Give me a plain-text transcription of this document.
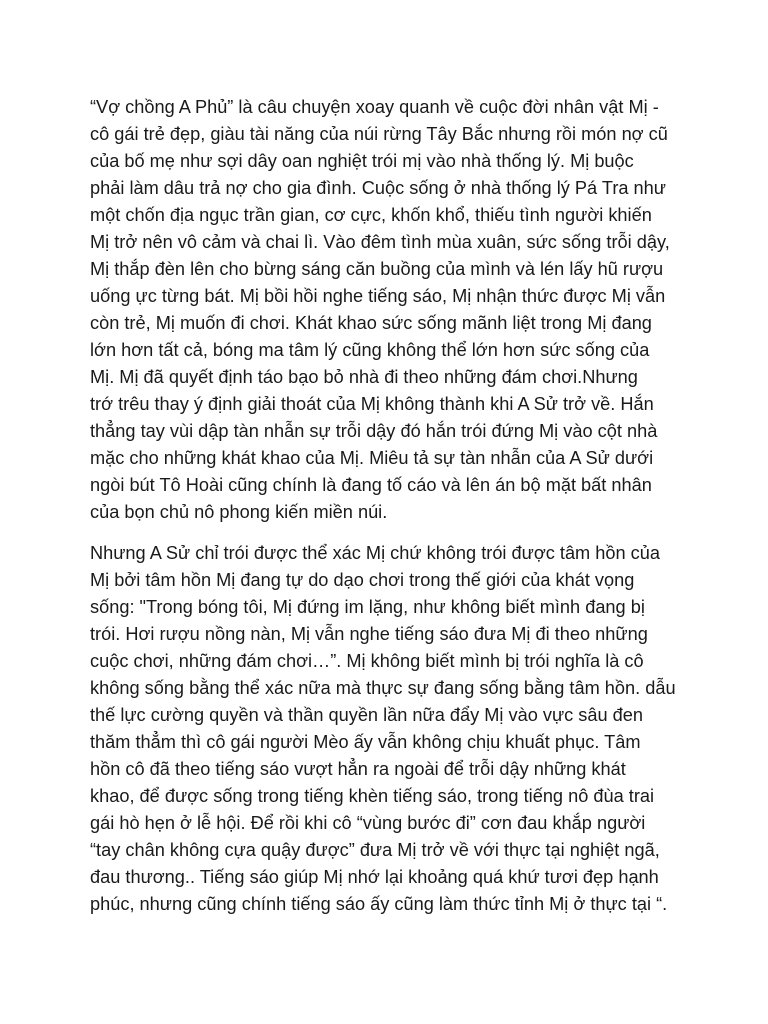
“Vợ chồng A Phủ” là câu chuyện xoay quanh về cuộc đời nhân vật Mị -
cô gái trẻ đẹp, giàu tài năng của núi rừng Tây Bắc nhưng rồi món nợ cũ
của bố mẹ như sợi dây oan nghiệt trói mị vào nhà thống lý. Mị buộc
phải làm dâu trả nợ cho gia đình. Cuộc sống ở nhà thống lý Pá Tra như
một chốn địa ngục trần gian, cơ cực, khốn khổ, thiếu tình người khiến
Mị trở nên vô cảm và chai lì. Vào đêm tình mùa xuân, sức sống trỗi dậy,
Mị thắp đèn lên cho bừng sáng căn buồng của mình và lén lấy hũ rượu
uống ực từng bát. Mị bồi hồi nghe tiếng sáo, Mị nhận thức được Mị vẫn
còn trẻ, Mị muốn đi chơi. Khát khao sức sống mãnh liệt trong Mị đang
lớn hơn tất cả, bóng ma tâm lý cũng không thể lớn hơn sức sống của
Mị. Mị đã quyết định táo bạo bỏ nhà đi theo những đám chơi.Nhưng
trớ trêu thay ý định giải thoát của Mị không thành khi A Sử trở về. Hắn
thẳng tay vùi dập tàn nhẫn sự trỗi dậy đó hắn trói đứng Mị vào cột nhà
mặc cho những khát khao của Mị. Miêu tả sự tàn nhẫn của A Sử dưới
ngòi bút Tô Hoài cũng chính là đang tố cáo và lên án bộ mặt bất nhân
của bọn chủ nô phong kiến miền núi.

Nhưng A Sử chỉ trói được thể xác Mị chứ không trói được tâm hồn của
Mị bởi tâm hồn Mị đang tự do dạo chơi trong thế giới của khát vọng
sống: "Trong bóng tôi, Mị đứng im lặng, như không biết mình đang bị
trói. Hơi rượu nồng nàn, Mị vẫn nghe tiếng sáo đưa Mị đi theo những
cuộc chơi, những đám chơi…”. Mị không biết mình bị trói nghĩa là cô
không sống bằng thể xác nữa mà thực sự đang sống bằng tâm hồn. dẫu
thế lực cường quyền và thần quyền lần nữa đẩy Mị vào vực sâu đen
thăm thẳm thì cô gái người Mèo ấy vẫn không chịu khuất phục. Tâm
hồn cô đã theo tiếng sáo vượt hẳn ra ngoài để trỗi dậy những khát
khao, để được sống trong tiếng khèn tiếng sáo, trong tiếng nô đùa trai
gái hò hẹn ở lễ hội. Để rồi khi cô “vùng bước đi” cơn đau khắp người
“tay chân không cựa quậy được” đưa Mị trở về với thực tại nghiệt ngã,
đau thương.. Tiếng sáo giúp Mị nhớ lại khoảng quá khứ tươi đẹp hạnh
phúc, nhưng cũng chính tiếng sáo ấy cũng làm thức tỉnh Mị ở thực tại “.
